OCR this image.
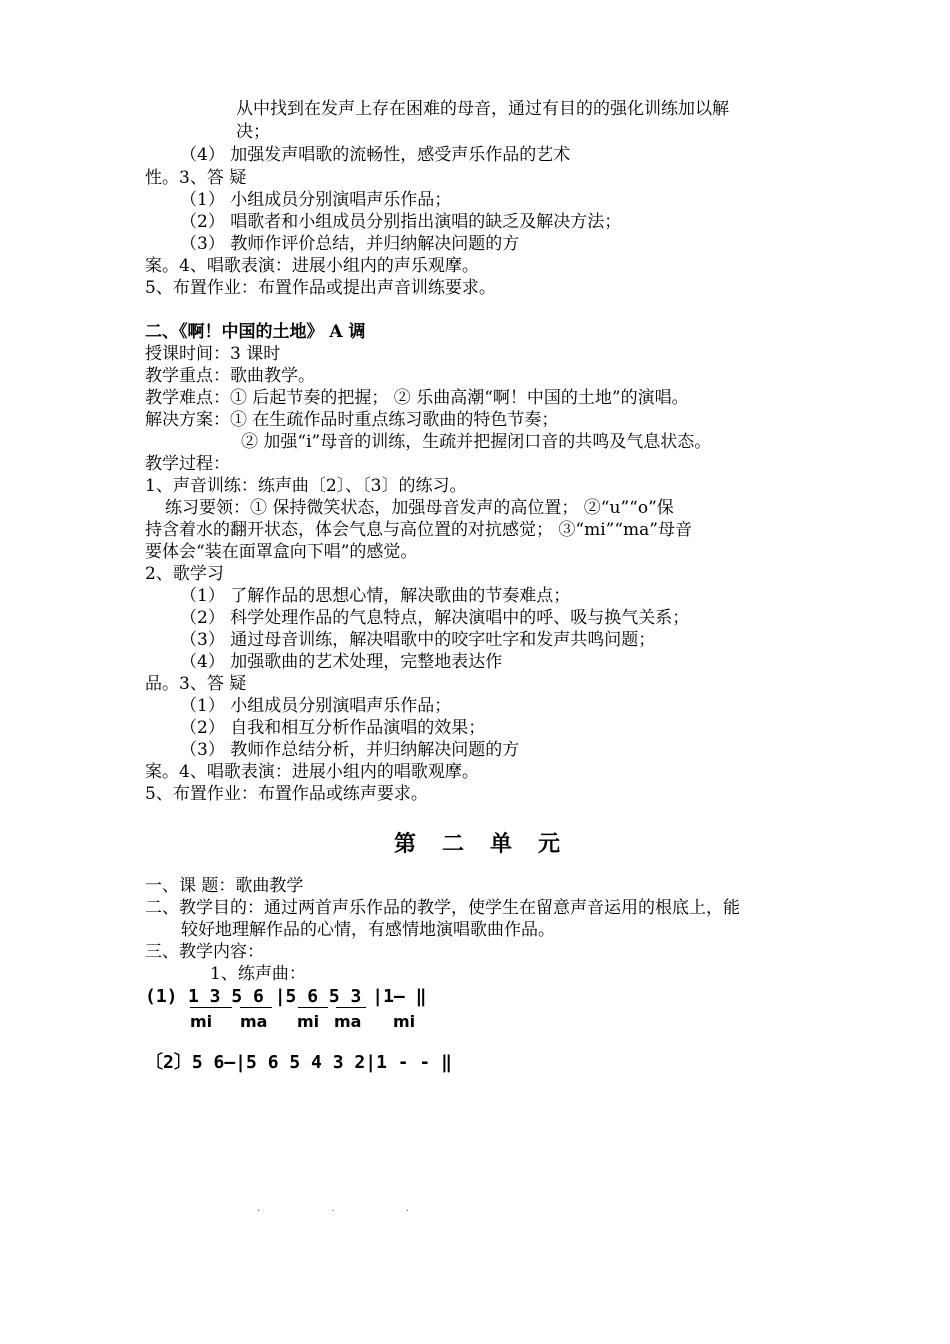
从中找到在发声上存在困难的母音，通过有目的的强化训练加以解
决；
（4） 加强发声唱歌的流畅性，感受声乐作品的艺术
性。3、答 疑
（1） 小组成员分别演唱声乐作品；
（2） 唱歌者和小组成员分别指出演唱的缺乏及解决方法；
（3） 教师作评价总结，并归纳解决问题的方
案。4、唱歌表演：进展小组内的声乐观摩。
5、布置作业：布置作品或提出声音训练要求。
二、《啊！中国的土地》 A 调
授课时间：3 课时
教学重点：歌曲教学。
教学难点：① 后起节奏的把握； ② 乐曲高潮“啊！中国的土地”的演唱。
解决方案：① 在生疏作品时重点练习歌曲的特色节奏；
② 加强“i”母音的训练，生疏并把握闭口音的共鸣及气息状态。
教学过程：
1、声音训练：练声曲〔2〕、〔3〕的练习。
练习要领：① 保持微笑状态，加强母音发声的高位置； ②“u”“o”保
持含着水的翻开状态，体会气息与高位置的对抗感觉； ③“mi”“ma”母音
要体会“装在面罩盒向下唱”的感觉。
2、歌学习
（1） 了解作品的思想心情，解决歌曲的节奏难点；
（2） 科学处理作品的气息特点，解决演唱中的呼、吸与换气关系；
（3） 通过母音训练，解决唱歌中的咬字吐字和发声共鸣问题；
（4） 加强歌曲的艺术处理，完整地表达作
品。3、答 疑
（1） 小组成员分别演唱声乐作品；
（2） 自我和相互分析作品演唱的效果；
（3） 教师作总结分析，并归纳解决问题的方
案。4、唱歌表演：进展小组内的唱歌观摩。
5、布置作业：布置作品或练声要求。
第二单元
一、课 题：歌曲教学
二、教学目的：通过两首声乐作品的教学，使学生在留意声音运用的根底上，能
较好地理解作品的心情，有感情地演唱歌曲作品。
三、教学内容：
1、练声曲：
(1) 1 3 5 6 |5 6 5 3 |1— ‖
mi ma mi ma mi
〔2〕5 6—|5 6 5 4 3 2|1 - - ‖
. . .
